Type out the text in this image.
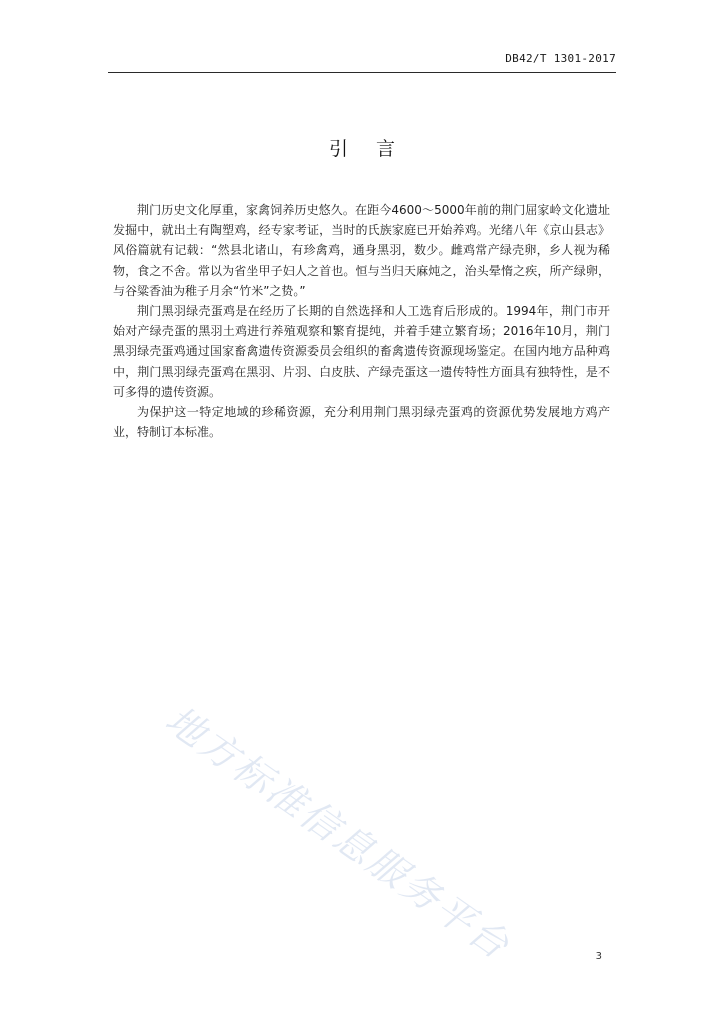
DB42/T 1301-2017
引言

荆门历史文化厚重，家禽饲养历史悠久。在距今4600～5000年前的荆门屈家岭文化遗址发掘中，就出土有陶塑鸡，经专家考证，当时的氏族家庭已开始养鸡。光绪八年《京山县志》风俗篇就有记载：“然县北诸山，有珍禽鸡，通身黑羽，数少。雌鸡常产绿壳卵，乡人视为稀物，食之不舍。常以为省坐甲子妇人之首也。恒与当归天麻炖之，治头晕惰之疾，所产绿卵，与谷粱香油为稚子月余“竹米”之贽。”

荆门黑羽绿壳蛋鸡是在经历了长期的自然选择和人工选育后形成的。1994年，荆门市开始对产绿壳蛋的黑羽土鸡进行养殖观察和繁育提纯，并着手建立繁育场；2016年10月，荆门黑羽绿壳蛋鸡通过国家畜禽遗传资源委员会组织的畜禽遗传资源现场鉴定。在国内地方品种鸡中，荆门黑羽绿壳蛋鸡在黑羽、片羽、白皮肤、产绿壳蛋这一遗传特性方面具有独特性，是不可多得的遗传资源。

为保护这一特定地域的珍稀资源，充分利用荆门黑羽绿壳蛋鸡的资源优势发展地方鸡产业，特制订本标准。

地方标准信息服务平台	3
